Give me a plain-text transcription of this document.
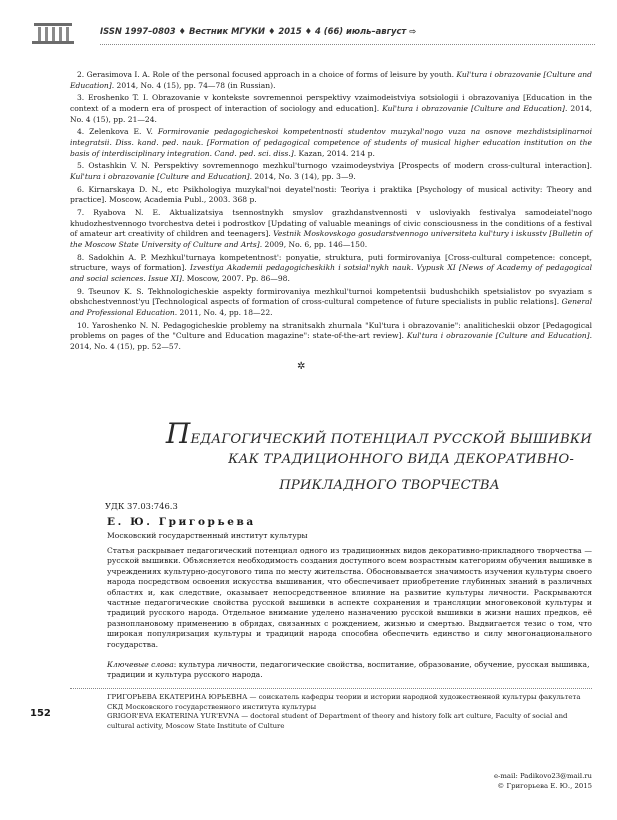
ISSN 1997–0803 ♦ Вестник МГУКИ ♦ 2015 ♦ 4 (66) июль–август ⇨

2. Gerasimova I. A. Role of the personal focused approach in a choice of forms of leisure by youth. Kul'tura i obrazovanie [Culture and Education]. 2014, No. 4 (15), pp. 74—78 (in Russian).

3. Eroshenko T. I. Obrazovanie v kontekste sovremennoi perspektivy vzaimodeistviya sotsiologii i obrazovaniya [Education in the context of a modern era of prospect of interaction of sociology and education]. Kul'tura i obrazovanie [Culture and Education]. 2014, No. 4 (15), pp. 21—24.

4. Zelenkova E. V. Formirovanie pedagogicheskoi kompetentnosti studentov muzykal'nogo vuza na osnove mezhdistsiplinarnoi integratsii. Diss. kand. ped. nauk. [Formation of pedagogical competence of students of musical higher education institution on the basis of interdisciplinary integration. Cand. ped. sci. diss.]. Kazan, 2014. 214 p.

5. Ostashkin V. N. Perspektivy sovremennogo mezhkul'turnogo vzaimodeystviya [Prospects of modern cross-cultural interaction]. Kul'tura i obrazovanie [Culture and Education]. 2014, No. 3 (14), pp. 3—9.

6. Kirnarskaya D. N., etc Psikhologiya muzykal'noi deyatel'nosti: Teoriya i praktika [Psychology of musical activity: Theory and practice]. Moscow, Academia Publ., 2003. 368 p.

7. Ryabova N. E. Aktualizatsiya tsennostnykh smyslov grazhdanstvennosti v usloviyakh festivalya samodeiatel'nogo khudozhestvennogo tvorchestva detei i podrostkov [Updating of valuable meanings of civic consciousness in the conditions of a festival of amateur art creativity of children and teenagers]. Vestnik Moskovskogo gosudarstvennogo universiteta kul'tury i iskusstv [Bulletin of the Moscow State University of Culture and Arts]. 2009, No. 6, pp. 146—150.

8. Sadokhin A. P. Mezhkul'turnaya kompetentnost': ponyatie, struktura, puti formirovaniya [Cross-cultural competence: concept, structure, ways of formation]. Izvestiya Akademii pedagogicheskikh i sotsial'nykh nauk. Vypusk XI [News of Academy of pedagogical and social sciences. Issue XI]. Moscow, 2007. Pp. 86—98.

9. Tseunov K. S. Tekhnologicheskie aspekty formirovaniya mezhkul'turnoi kompetentsii budushchikh spetsialistov po svyaziam s obshchestvennost'yu [Technological aspects of formation of cross-cultural competence of future specialists in public relations]. General and Professional Education. 2011, No. 4, pp. 18—22.

10. Yaroshenko N. N. Pedagogicheskie problemy na stranitsakh zhurnala "Kul'tura i obrazovanie": analiticheskii obzor [Pedagogical problems on pages of the "Culture and Education magazine": state-of-the-art review]. Kul'tura i obrazovanie [Culture and Education]. 2014, No. 4 (15), pp. 52—57.

✲
ПЕДАГОГИЧЕСКИЙ ПОТЕНЦИАЛ РУССКОЙ ВЫШИВКИ
КАК ТРАДИЦИОННОГО ВИДА ДЕКОРАТИВНО-
ПРИКЛАДНОГО ТВОРЧЕСТВА
УДК 37.03:746.3
Е. Ю. Григорьева
Московский государственный институт культуры
Статья раскрывает педагогический потенциал одного из традиционных видов декоративно-прикладного творчества — русской вышивки. Объясняется необходимость создания доступного всем возрастным категориям обучения вышивке в учреждениях культурно-досугового типа по месту жительства. Обосновывается значимость изучения культуры своего народа посредством освоения искусства вышивания, что обеспечивает приобретение глубинных знаний в различных областях и, как следствие, оказывает непосредственное влияние на развитие культуры личности. Раскрываются частные педагогические свойства русской вышивки в аспекте сохранения и трансляции многовековой культуры и традиций русского народа. Отдельное внимание уделено назначению русской вышивки в жизни наших предков, её разноплановому применению в обрядах, связанных с рождением, жизнью и смертью. Выдвигается тезис о том, что широкая популяризация культуры и традиций народа способна обеспечить единство и силу многонационального государства.
Ключевые слова: культура личности, педагогические свойства, воспитание, образование, обучение, русская вышивка, традиции и культура русского народа.
152
ГРИГОРЬЕВА ЕКАТЕРИНА ЮРЬЕВНА — соискатель кафедры теории и истории народной художественной культуры факультета СКД Московского государственного института культуры
GRIGOR'EVA EKATERINA YUR'EVNA — doctoral student of Department of theory and history folk art culture, Faculty of social and cultural activity, Moscow State Institute of Culture
e-mail: Padikovo23@mail.ru
© Григорьева Е. Ю., 2015
